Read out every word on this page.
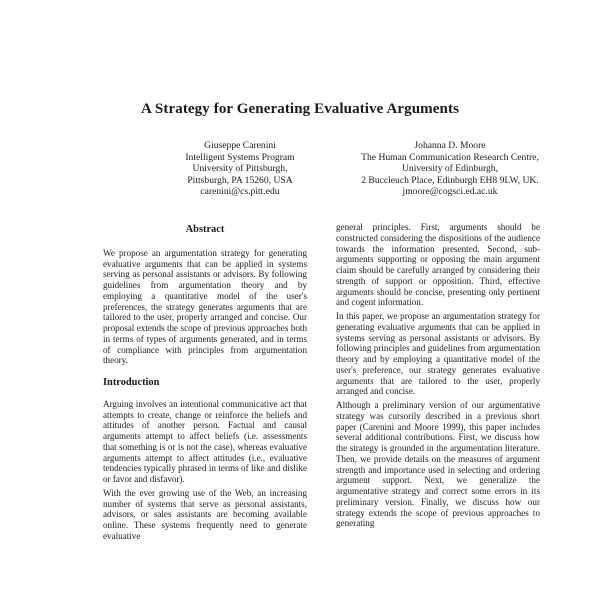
A Strategy for Generating Evaluative Arguments
Giuseppe Carenini
Intelligent Systems Program
University of Pittsburgh,
Pittsburgh, PA 15260, USA
carenini@cs.pitt.edu
Johanna D. Moore
The Human Communication Research Centre,
University of Edinburgh,
2 Buccleuch Place, Edinburgh EH8 9LW, UK.
jmoore@cogsci.ed.ac.uk

Abstract

We propose an argumentation strategy for generating evaluative arguments that can be applied in systems serving as personal assistants or advisors. By following guidelines from argumentation theory and by employing a quantitative model of the user's preferences, the strategy generates arguments that are tailored to the user, properly arranged and concise. Our proposal extends the scope of previous approaches both in terms of types of arguments generated, and in terms of compliance with principles from argumentation theory.

Introduction

Arguing involves an intentional communicative act that attempts to create, change or reinforce the beliefs and attitudes of another person. Factual and causal arguments attempt to affect beliefs (i.e. assessments that something is or is not the case), whereas evaluative arguments attempt to affect attitudes (i.e., evaluative tendencies typically phrased in terms of like and dislike or favor and disfavor).

With the ever growing use of the Web, an increasing number of systems that serve as personal assistants, advisors, or sales assistants are becoming available online. These systems frequently need to generate evaluative

general principles. First, arguments should be constructed considering the dispositions of the audience towards the information presented. Second, sub-arguments supporting or opposing the main argument claim should be carefully arranged by considering their strength of support or opposition. Third, effective arguments should be concise, presenting only pertinent and cogent information.

In this paper, we propose an argumentation strategy for generating evaluative arguments that can be applied in systems serving as personal assistants or advisors. By following principles and guidelines from argumentation theory and by employing a quantitative model of the user's preference, our strategy generates evaluative arguments that are tailored to the user, properly arranged and concise.

Although a preliminary version of our argumentative strategy was cursorily described in a previous short paper (Carenini and Moore 1999), this paper includes several additional contributions. First, we discuss how the strategy is grounded in the argumentation literature. Then, we provide details on the measures of argument strength and importance used in selecting and ordering argument support. Next, we generalize the argumentative strategy and correct some errors in its preliminary version. Finally, we discuss how our strategy extends the scope of previous approaches to generating
